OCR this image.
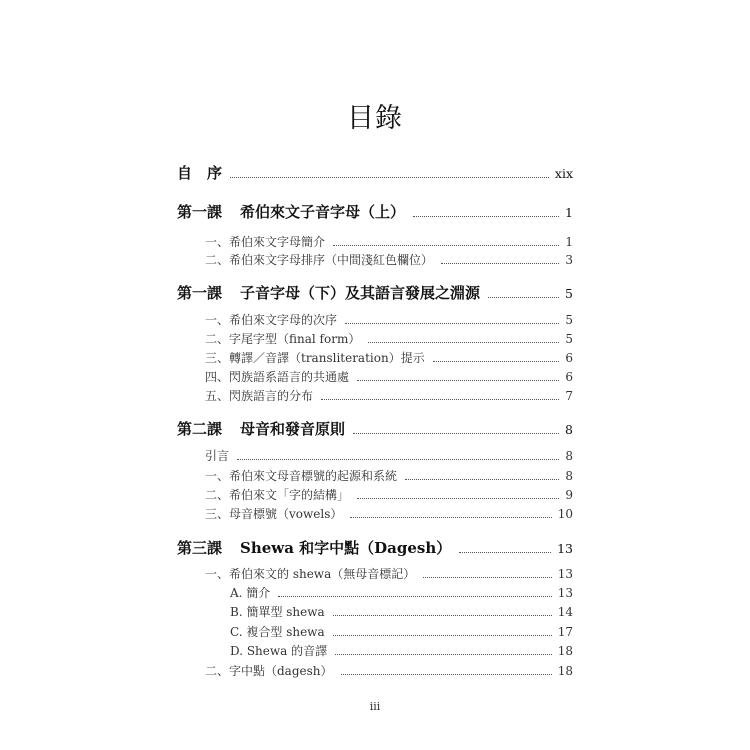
目錄
自　序	xix
第一課 希伯來文子音字母（上）	1
一、希伯來文字母簡介	1
二、希伯來文字母排序（中間淺紅色欄位）	3
第一課 子音字母（下）及其語言發展之淵源	5
一、希伯來文字母的次序	5
二、字尾字型（final form）	5
三、轉譯／音譯（transliteration）提示	6
四、閃族語系語言的共通處	6
五、閃族語言的分布	7
第二課 母音和發音原則	8
引言	8
一、希伯來文母音標號的起源和系統	8
二、希伯來文「字的結構」	9
三、母音標號（vowels）	10
第三課 Shewa 和字中點（Dagesh）	13
一、希伯來文的 shewa（無母音標記）	13
A. 簡介	13
B. 簡單型 shewa	14
C. 複合型 shewa	17
D. Shewa 的音譯	18
二、字中點（dagesh）	18
iii
